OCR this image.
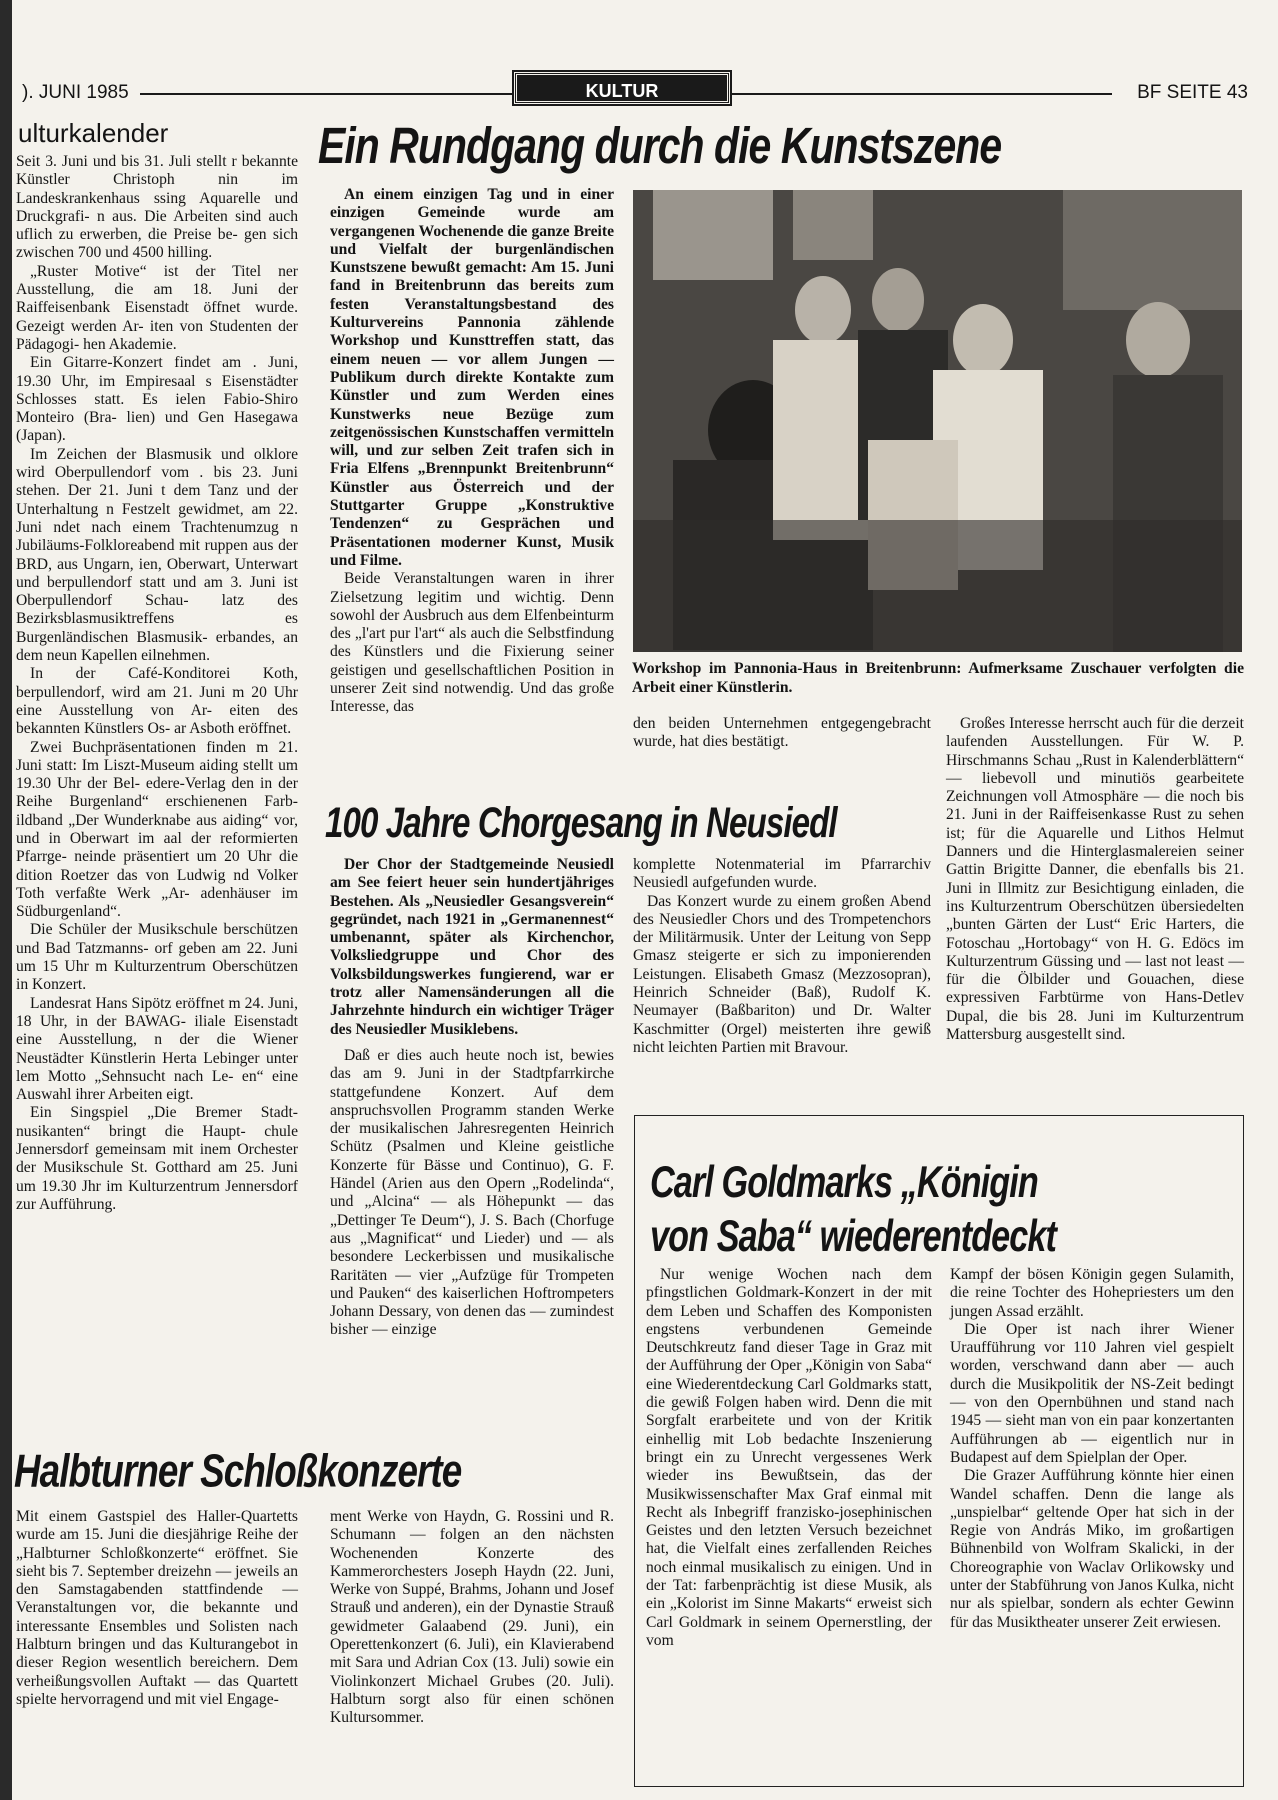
). JUNI 1985	KULTUR	BF SEITE 43
ulturkalender

Seit 3. Juni und bis 31. Juli stellt r bekannte Künstler Christoph nin im Landeskrankenhaus ssing Aquarelle und Druckgrafi- n aus. Die Arbeiten sind auch uflich zu erwerben, die Preise be- gen sich zwischen 700 und 4500 hilling.

„Ruster Motive“ ist der Titel ner Ausstellung, die am 18. Juni der Raiffeisenbank Eisenstadt öffnet wurde. Gezeigt werden Ar- iten von Studenten der Pädagogi- hen Akademie.

Ein Gitarre-Konzert findet am . Juni, 19.30 Uhr, im Empiresaal s Eisenstädter Schlosses statt. Es ielen Fabio-Shiro Monteiro (Bra- lien) und Gen Hasegawa (Japan).

Im Zeichen der Blasmusik und olklore wird Oberpullendorf vom . bis 23. Juni stehen. Der 21. Juni t dem Tanz und der Unterhaltung n Festzelt gewidmet, am 22. Juni ndet nach einem Trachtenumzug n Jubiläums-Folkloreabend mit ruppen aus der BRD, aus Ungarn, ien, Oberwart, Unterwart und berpullendorf statt und am 3. Juni ist Oberpullendorf Schau- latz des Bezirksblasmusiktreffens es Burgenländischen Blasmusik- erbandes, an dem neun Kapellen eilnehmen.

In der Café-Konditorei Koth, berpullendorf, wird am 21. Juni m 20 Uhr eine Ausstellung von Ar- eiten des bekannten Künstlers Os- ar Asboth eröffnet.

Zwei Buchpräsentationen finden m 21. Juni statt: Im Liszt-Museum aiding stellt um 19.30 Uhr der Bel- edere-Verlag den in der Reihe Burgenland“ erschienenen Farb- ildband „Der Wunderknabe aus aiding“ vor, und in Oberwart im aal der reformierten Pfarrge- neinde präsentiert um 20 Uhr die dition Roetzer das von Ludwig nd Volker Toth verfaßte Werk „Ar- adenhäuser im Südburgenland“.

Die Schüler der Musikschule berschützen und Bad Tatzmanns- orf geben am 22. Juni um 15 Uhr m Kulturzentrum Oberschützen in Konzert.

Landesrat Hans Sipötz eröffnet m 24. Juni, 18 Uhr, in der BAWAG- iliale Eisenstadt eine Ausstellung, n der die Wiener Neustädter Künstlerin Herta Lebinger unter lem Motto „Sehnsucht nach Le- en“ eine Auswahl ihrer Arbeiten eigt.

Ein Singspiel „Die Bremer Stadt- nusikanten“ bringt die Haupt- chule Jennersdorf gemeinsam mit inem Orchester der Musikschule St. Gotthard am 25. Juni um 19.30 Jhr im Kulturzentrum Jennersdorf zur Aufführung.

Ein Rundgang durch die Kunstszene

An einem einzigen Tag und in einer einzigen Gemeinde wurde am vergangenen Wochenende die ganze Breite und Vielfalt der burgenländischen Kunstszene bewußt gemacht: Am 15. Juni fand in Breitenbrunn das bereits zum festen Veranstaltungsbestand des Kulturvereins Pannonia zählende Workshop und Kunsttreffen statt, das einem neuen — vor allem Jungen — Publikum durch direkte Kontakte zum Künstler und zum Werden eines Kunstwerks neue Bezüge zum zeitgenössischen Kunstschaffen vermitteln will, und zur selben Zeit trafen sich in Fria Elfens „Brennpunkt Breitenbrunn“ Künstler aus Österreich und der Stuttgarter Gruppe „Konstruktive Tendenzen“ zu Gesprächen und Präsentationen moderner Kunst, Musik und Filme.

Beide Veranstaltungen waren in ihrer Zielsetzung legitim und wichtig. Denn sowohl der Ausbruch aus dem Elfenbeinturm des „l'art pur l'art“ als auch die Selbstfindung des Künstlers und die Fixierung seiner geistigen und gesellschaftlichen Position in unserer Zeit sind notwendig. Und das große Interesse, das

Workshop im Pannonia-Haus in Breitenbrunn: Aufmerksame Zuschauer verfolgten die Arbeit einer Künstlerin.

den beiden Unternehmen entgegengebracht wurde, hat dies bestätigt.

Großes Interesse herrscht auch für die derzeit laufenden Ausstellungen. Für W. P. Hirschmanns Schau „Rust in Kalenderblättern“ — liebevoll und minutiös gearbeitete Zeichnungen voll Atmosphäre — die noch bis 21. Juni in der Raiffeisenkasse Rust zu sehen ist; für die Aquarelle und Lithos Helmut Danners und die Hinterglasmalereien seiner Gattin Brigitte Danner, die ebenfalls bis 21. Juni in Illmitz zur Besichtigung einladen, die ins Kulturzentrum Oberschützen übersiedelten „bunten Gärten der Lust“ Eric Harters, die Fotoschau „Hortobagy“ von H. G. Edöcs im Kulturzentrum Güssing und — last not least — für die Ölbilder und Gouachen, diese expressiven Farbtürme von Hans-Detlev Dupal, die bis 28. Juni im Kulturzentrum Mattersburg ausgestellt sind.

100 Jahre Chorgesang in Neusiedl

Der Chor der Stadtgemeinde Neusiedl am See feiert heuer sein hundertjähriges Bestehen. Als „Neusiedler Gesangsverein“ gegründet, nach 1921 in „Germanennest“ umbenannt, später als Kirchenchor, Volksliedgruppe und Chor des Volksbildungswerkes fungierend, war er trotz aller Namensänderungen all die Jahrzehnte hindurch ein wichtiger Träger des Neusiedler Musiklebens.

Daß er dies auch heute noch ist, bewies das am 9. Juni in der Stadtpfarrkirche stattgefundene Konzert. Auf dem anspruchsvollen Programm standen Werke der musikalischen Jahresregenten Heinrich Schütz (Psalmen und Kleine geistliche Konzerte für Bässe und Continuo), G. F. Händel (Arien aus den Opern „Rodelinda“, und „Alcina“ — als Höhepunkt — das „Dettinger Te Deum“), J. S. Bach (Chorfuge aus „Magnificat“ und Lieder) und — als besondere Leckerbissen und musikalische Raritäten — vier „Aufzüge für Trompeten und Pauken“ des kaiserlichen Hoftrompeters Johann Dessary, von denen das — zumindest bisher — einzige

komplette Notenmaterial im Pfarrarchiv Neusiedl aufgefunden wurde.

Das Konzert wurde zu einem großen Abend des Neusiedler Chors und des Trompetenchors der Militärmusik. Unter der Leitung von Sepp Gmasz steigerte er sich zu imponierenden Leistungen. Elisabeth Gmasz (Mezzosopran), Heinrich Schneider (Baß), Rudolf K. Neumayer (Baßbariton) und Dr. Walter Kaschmitter (Orgel) meisterten ihre gewiß nicht leichten Partien mit Bravour.

Halbturner Schloßkonzerte

Mit einem Gastspiel des Haller-Quartetts wurde am 15. Juni die diesjährige Reihe der „Halbturner Schloßkonzerte“ eröffnet. Sie sieht bis 7. September dreizehn — jeweils an den Samstagabenden stattfindende — Veranstaltungen vor, die bekannte und interessante Ensembles und Solisten nach Halbturn bringen und das Kulturangebot in dieser Region wesentlich bereichern. Dem verheißungsvollen Auftakt — das Quartett spielte hervorragend und mit viel Engage-

ment Werke von Haydn, G. Rossini und R. Schumann — folgen an den nächsten Wochenenden Konzerte des Kammerorchesters Joseph Haydn (22. Juni, Werke von Suppé, Brahms, Johann und Josef Strauß und anderen), ein der Dynastie Strauß gewidmeter Galaabend (29. Juni), ein Operettenkonzert (6. Juli), ein Klavierabend mit Sara und Adrian Cox (13. Juli) sowie ein Violinkonzert Michael Grubes (20. Juli). Halbturn sorgt also für einen schönen Kultursommer.

Carl Goldmarks „Königin
von Saba“ wiederentdeckt

Nur wenige Wochen nach dem pfingstlichen Goldmark-Konzert in der mit dem Leben und Schaffen des Komponisten engstens verbundenen Gemeinde Deutschkreutz fand dieser Tage in Graz mit der Aufführung der Oper „Königin von Saba“ eine Wiederentdeckung Carl Goldmarks statt, die gewiß Folgen haben wird. Denn die mit Sorgfalt erarbeitete und von der Kritik einhellig mit Lob bedachte Inszenierung bringt ein zu Unrecht vergessenes Werk wieder ins Bewußtsein, das der Musikwissenschafter Max Graf einmal mit Recht als Inbegriff franzisko-josephinischen Geistes und den letzten Versuch bezeichnet hat, die Vielfalt eines zerfallenden Reiches noch einmal musikalisch zu einigen. Und in der Tat: farbenprächtig ist diese Musik, als ein „Kolorist im Sinne Makarts“ erweist sich Carl Goldmark in seinem Opernerstling, der vom

Kampf der bösen Königin gegen Sulamith, die reine Tochter des Hohepriesters um den jungen Assad erzählt.

Die Oper ist nach ihrer Wiener Uraufführung vor 110 Jahren viel gespielt worden, verschwand dann aber — auch durch die Musikpolitik der NS-Zeit bedingt — von den Opernbühnen und stand nach 1945 — sieht man von ein paar konzertanten Aufführungen ab — eigentlich nur in Budapest auf dem Spielplan der Oper.

Die Grazer Aufführung könnte hier einen Wandel schaffen. Denn die lange als „unspielbar“ geltende Oper hat sich in der Regie von András Miko, im großartigen Bühnenbild von Wolfram Skalicki, in der Choreographie von Waclav Orlikowsky und unter der Stabführung von Janos Kulka, nicht nur als spielbar, sondern als echter Gewinn für das Musiktheater unserer Zeit erwiesen.
